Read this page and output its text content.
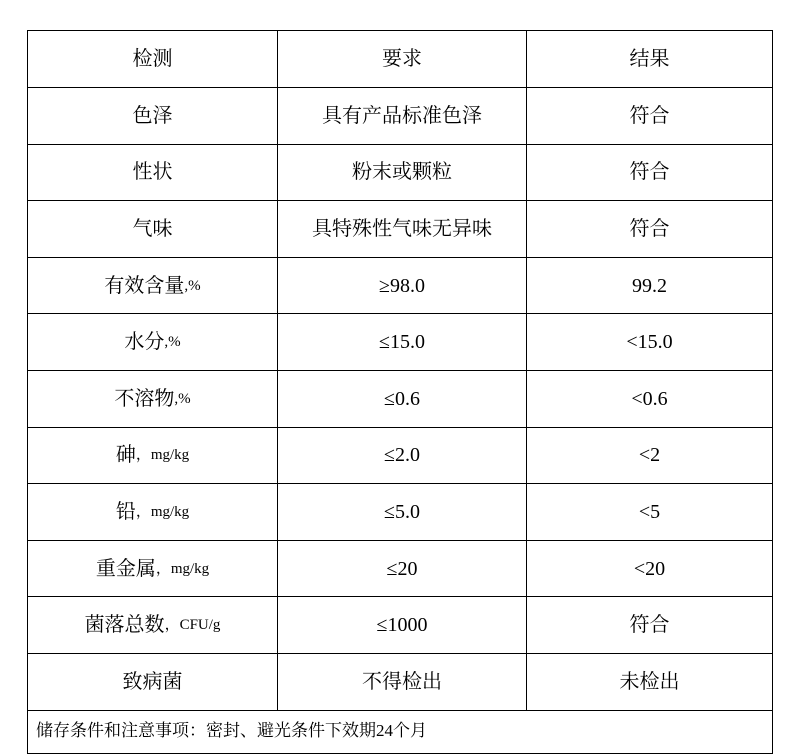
检测	要求	结果

色泽	具有产品标准色泽	符合

性状	粉末或颗粒	符合

气味	具特殊性气味无异味	符合

有效含量 ,%	≥98.0	99.2

水分 ,%	≤15.0	<15.0

不溶物 ,%	≤0.6	<0.6

砷 ，mg/kg	≤2.0	<2

铅 ，mg/kg	≤5.0	<5

重金属 ，mg/kg	≤20	<20

菌落总数 ，CFU/g	≤1000	符合

致病菌	不得检出	未检出

储存条件和注意事项：密封、避光条件下效期24个月		
